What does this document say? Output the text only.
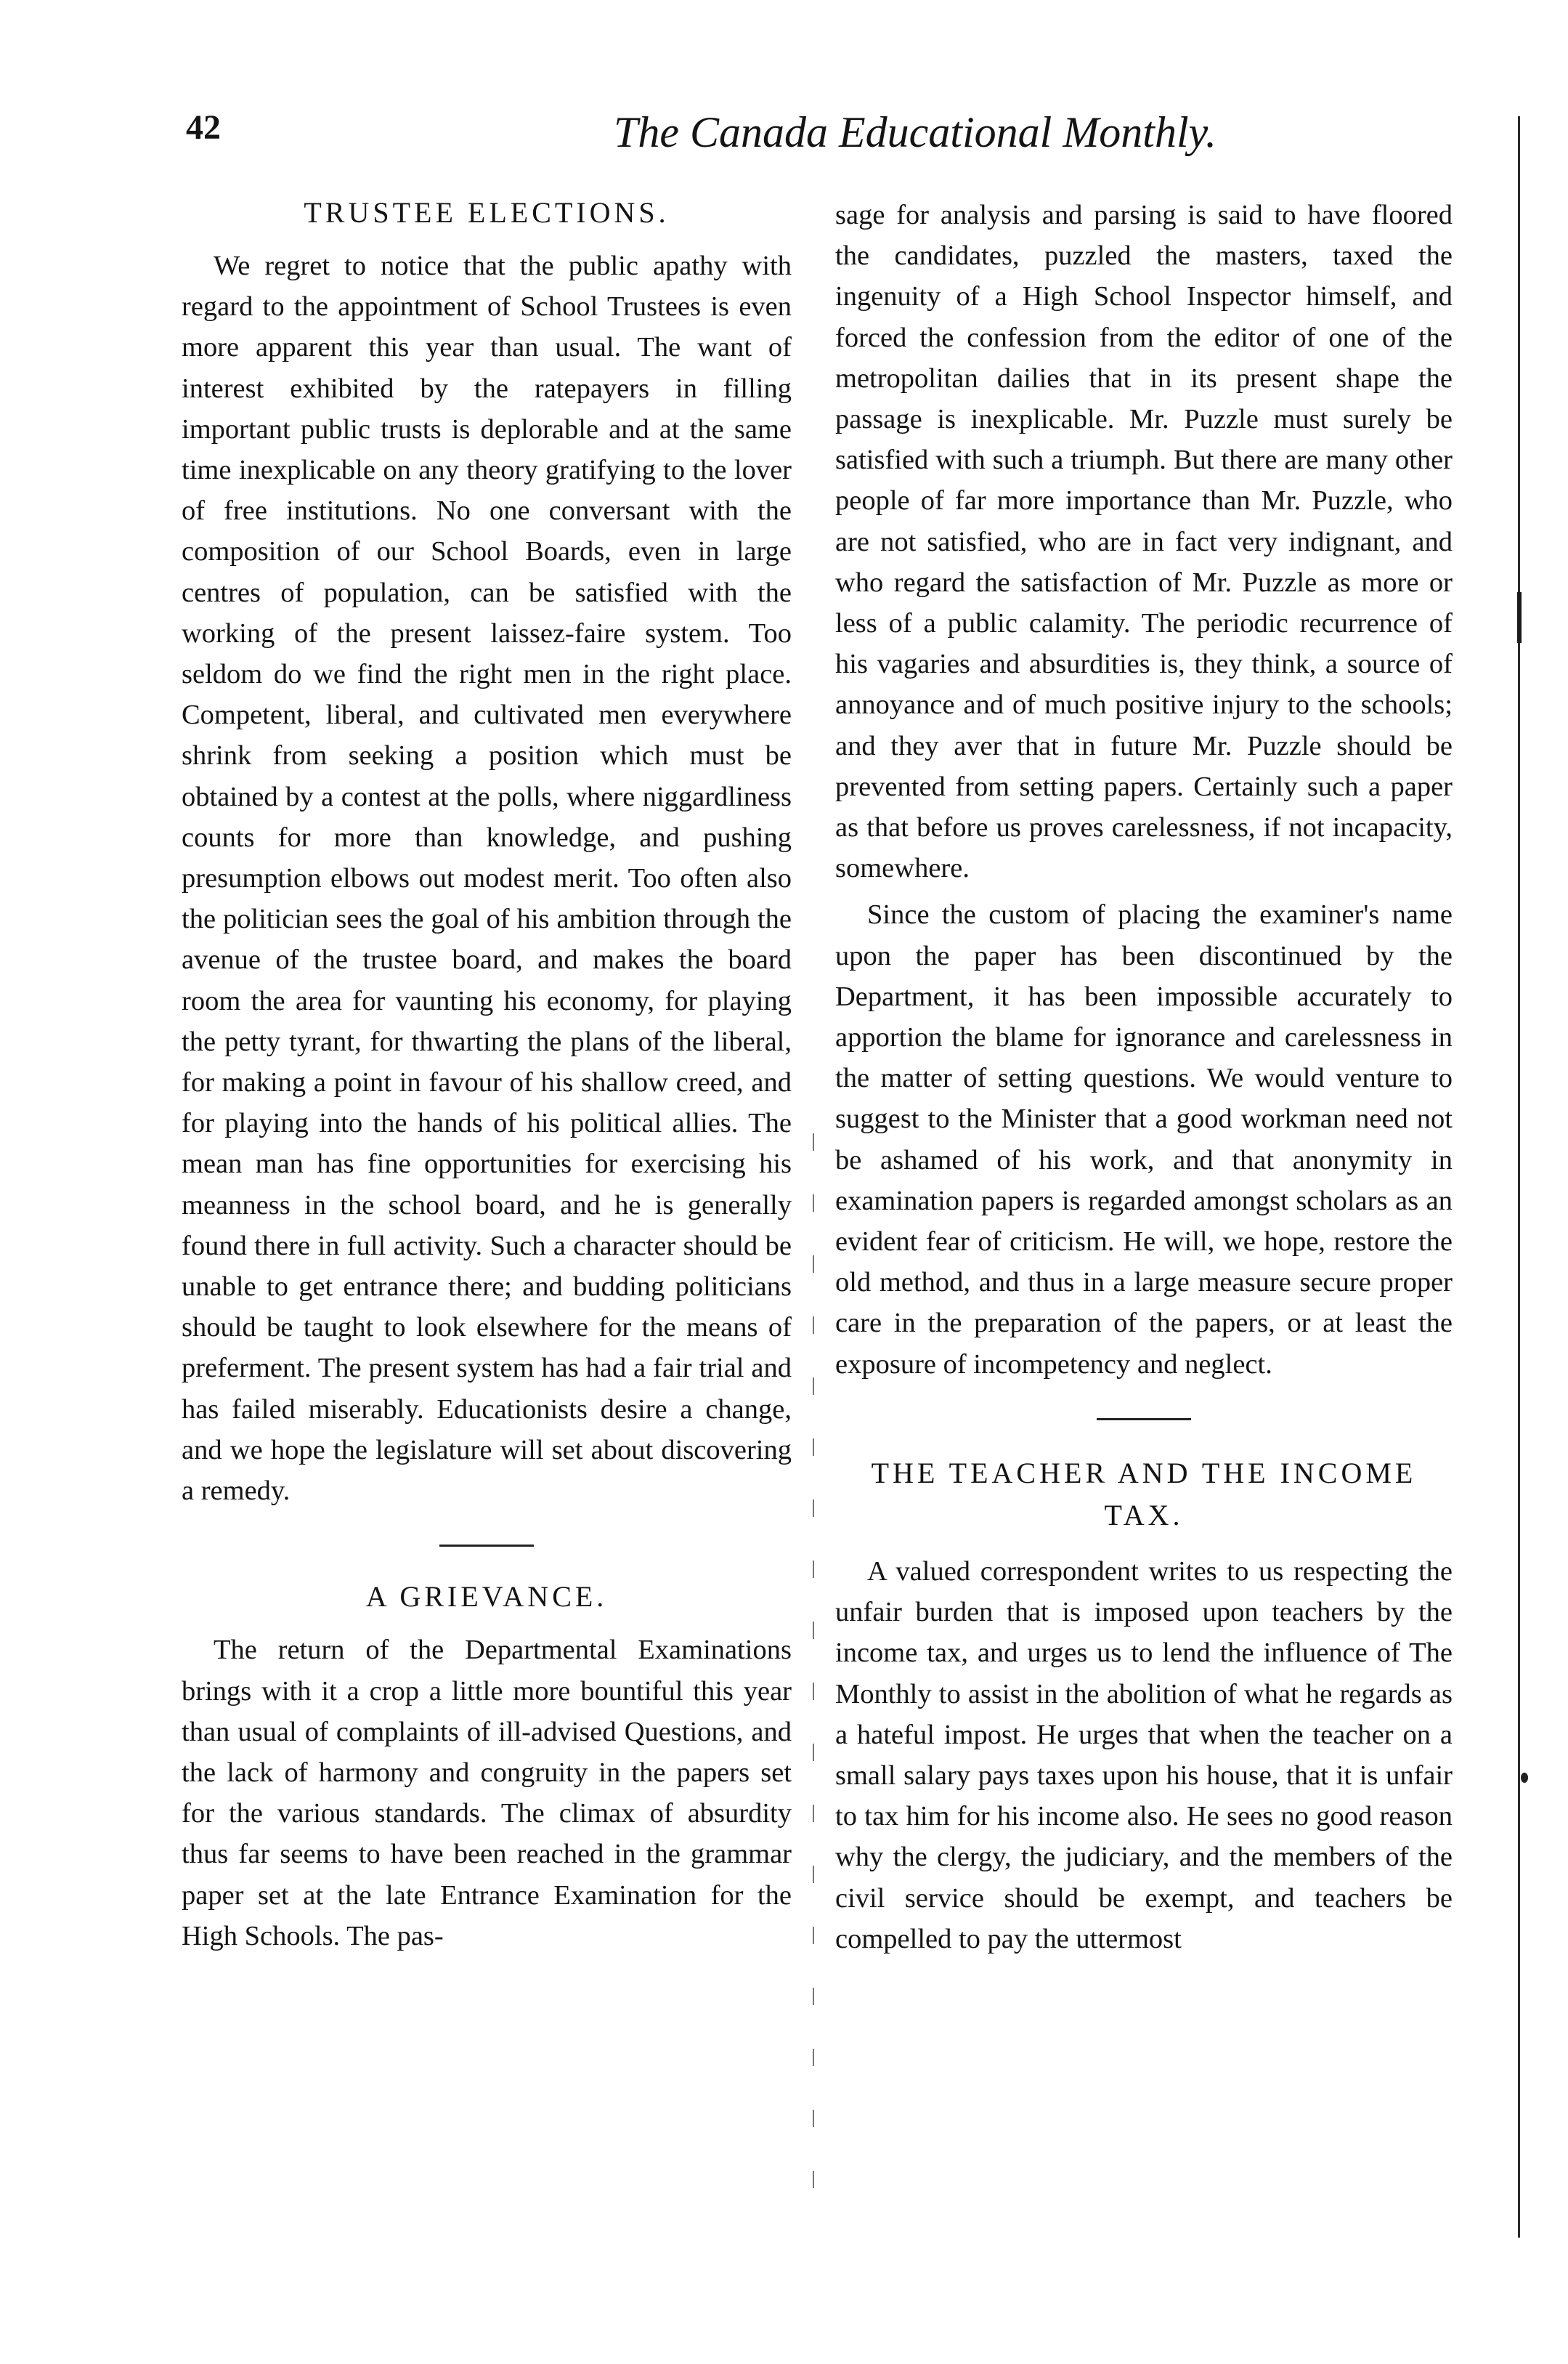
42	The Canada Educational Monthly.
TRUSTEE ELECTIONS.

We regret to notice that the public apathy with regard to the appointment of School Trustees is even more apparent this year than usual. The want of interest exhibited by the ratepayers in filling important public trusts is deplorable and at the same time inexplicable on any theory gratifying to the lover of free institutions. No one conversant with the composition of our School Boards, even in large centres of population, can be satisfied with the working of the present laissez-faire system. Too seldom do we find the right men in the right place. Competent, liberal, and cultivated men everywhere shrink from seeking a position which must be obtained by a contest at the polls, where niggardliness counts for more than knowledge, and pushing presumption elbows out modest merit. Too often also the politician sees the goal of his ambition through the avenue of the trustee board, and makes the board room the area for vaunting his economy, for playing the petty tyrant, for thwarting the plans of the liberal, for making a point in favour of his shallow creed, and for playing into the hands of his political allies. The mean man has fine opportunities for exercising his meanness in the school board, and he is generally found there in full activity. Such a character should be unable to get entrance there; and budding politicians should be taught to look elsewhere for the means of preferment. The present system has had a fair trial and has failed miserably. Educationists desire a change, and we hope the legislature will set about discovering a remedy.

A GRIEVANCE.

The return of the Departmental Examinations brings with it a crop a little more bountiful this year than usual of complaints of ill-advised Questions, and the lack of harmony and congruity in the papers set for the various standards. The climax of absurdity thus far seems to have been reached in the grammar paper set at the late Entrance Examination for the High Schools. The pas-

sage for analysis and parsing is said to have floored the candidates, puzzled the masters, taxed the ingenuity of a High School Inspector himself, and forced the confession from the editor of one of the metropolitan dailies that in its present shape the passage is inexplicable. Mr. Puzzle must surely be satisfied with such a triumph. But there are many other people of far more importance than Mr. Puzzle, who are not satisfied, who are in fact very indignant, and who regard the satisfaction of Mr. Puzzle as more or less of a public calamity. The periodic recurrence of his vagaries and absurdities is, they think, a source of annoyance and of much positive injury to the schools; and they aver that in future Mr. Puzzle should be prevented from setting papers. Certainly such a paper as that before us proves carelessness, if not incapacity, somewhere.

Since the custom of placing the examiner's name upon the paper has been discontinued by the Department, it has been impossible accurately to apportion the blame for ignorance and carelessness in the matter of setting questions. We would venture to suggest to the Minister that a good workman need not be ashamed of his work, and that anonymity in examination papers is regarded amongst scholars as an evident fear of criticism. He will, we hope, restore the old method, and thus in a large measure secure proper care in the preparation of the papers, or at least the exposure of incompetency and neglect.

THE TEACHER AND THE INCOME
TAX.

A valued correspondent writes to us respecting the unfair burden that is imposed upon teachers by the income tax, and urges us to lend the influence of The Monthly to assist in the abolition of what he regards as a hateful impost. He urges that when the teacher on a small salary pays taxes upon his house, that it is unfair to tax him for his income also. He sees no good reason why the clergy, the judiciary, and the members of the civil service should be exempt, and teachers be compelled to pay the uttermost
